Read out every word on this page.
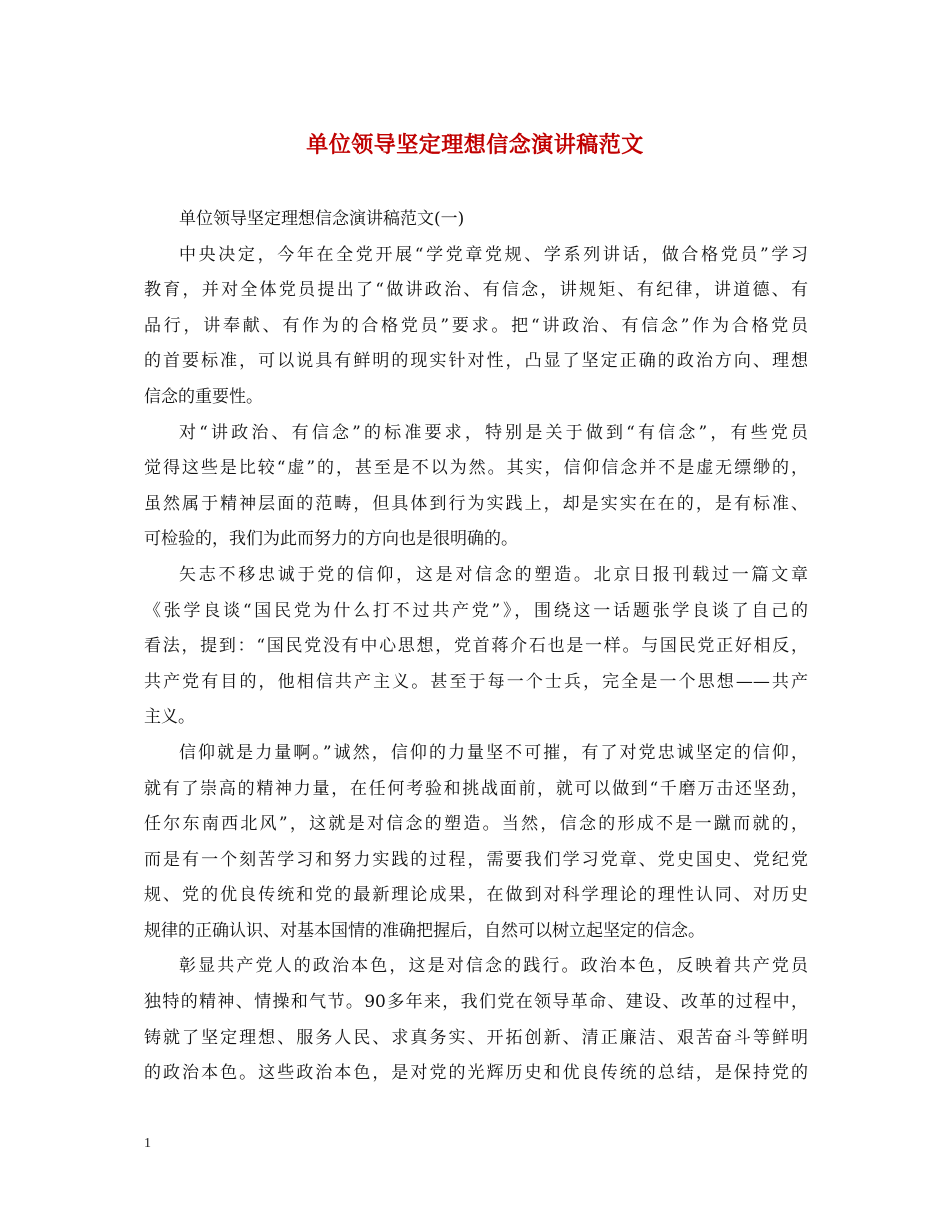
单位领导坚定理想信念演讲稿范文
单位领导坚定理想信念演讲稿范文(一)
中央决定，今年在全党开展“学党章党规、学系列讲话，做合格党员”学习
教育，并对全体党员提出了“做讲政治、有信念，讲规矩、有纪律，讲道德、有
品行，讲奉献、有作为的合格党员”要求。把“讲政治、有信念”作为合格党员
的首要标准，可以说具有鲜明的现实针对性，凸显了坚定正确的政治方向、理想
信念的重要性。
对“讲政治、有信念”的标准要求，特别是关于做到“有信念”，有些党员
觉得这些是比较“虚”的，甚至是不以为然。其实，信仰信念并不是虚无缥缈的，
虽然属于精神层面的范畴，但具体到行为实践上，却是实实在在的，是有标准、
可检验的，我们为此而努力的方向也是很明确的。
矢志不移忠诚于党的信仰，这是对信念的塑造。北京日报刊载过一篇文章
《张学良谈“国民党为什么打不过共产党”》，围绕这一话题张学良谈了自己的
看法，提到：“国民党没有中心思想，党首蒋介石也是一样。与国民党正好相反，
共产党有目的，他相信共产主义。甚至于每一个士兵，完全是一个思想——共产
主义。
信仰就是力量啊。”诚然，信仰的力量坚不可摧，有了对党忠诚坚定的信仰，
就有了崇高的精神力量，在任何考验和挑战面前，就可以做到“千磨万击还坚劲，
任尔东南西北风”，这就是对信念的塑造。当然，信念的形成不是一蹴而就的，
而是有一个刻苦学习和努力实践的过程，需要我们学习党章、党史国史、党纪党
规、党的优良传统和党的最新理论成果，在做到对科学理论的理性认同、对历史
规律的正确认识、对基本国情的准确把握后，自然可以树立起坚定的信念。
彰显共产党人的政治本色，这是对信念的践行。政治本色，反映着共产党员
独特的精神、情操和气节。90多年来，我们党在领导革命、建设、改革的过程中，
铸就了坚定理想、服务人民、求真务实、开拓创新、清正廉洁、艰苦奋斗等鲜明
的政治本色。这些政治本色，是对党的光辉历史和优良传统的总结，是保持党的
1
